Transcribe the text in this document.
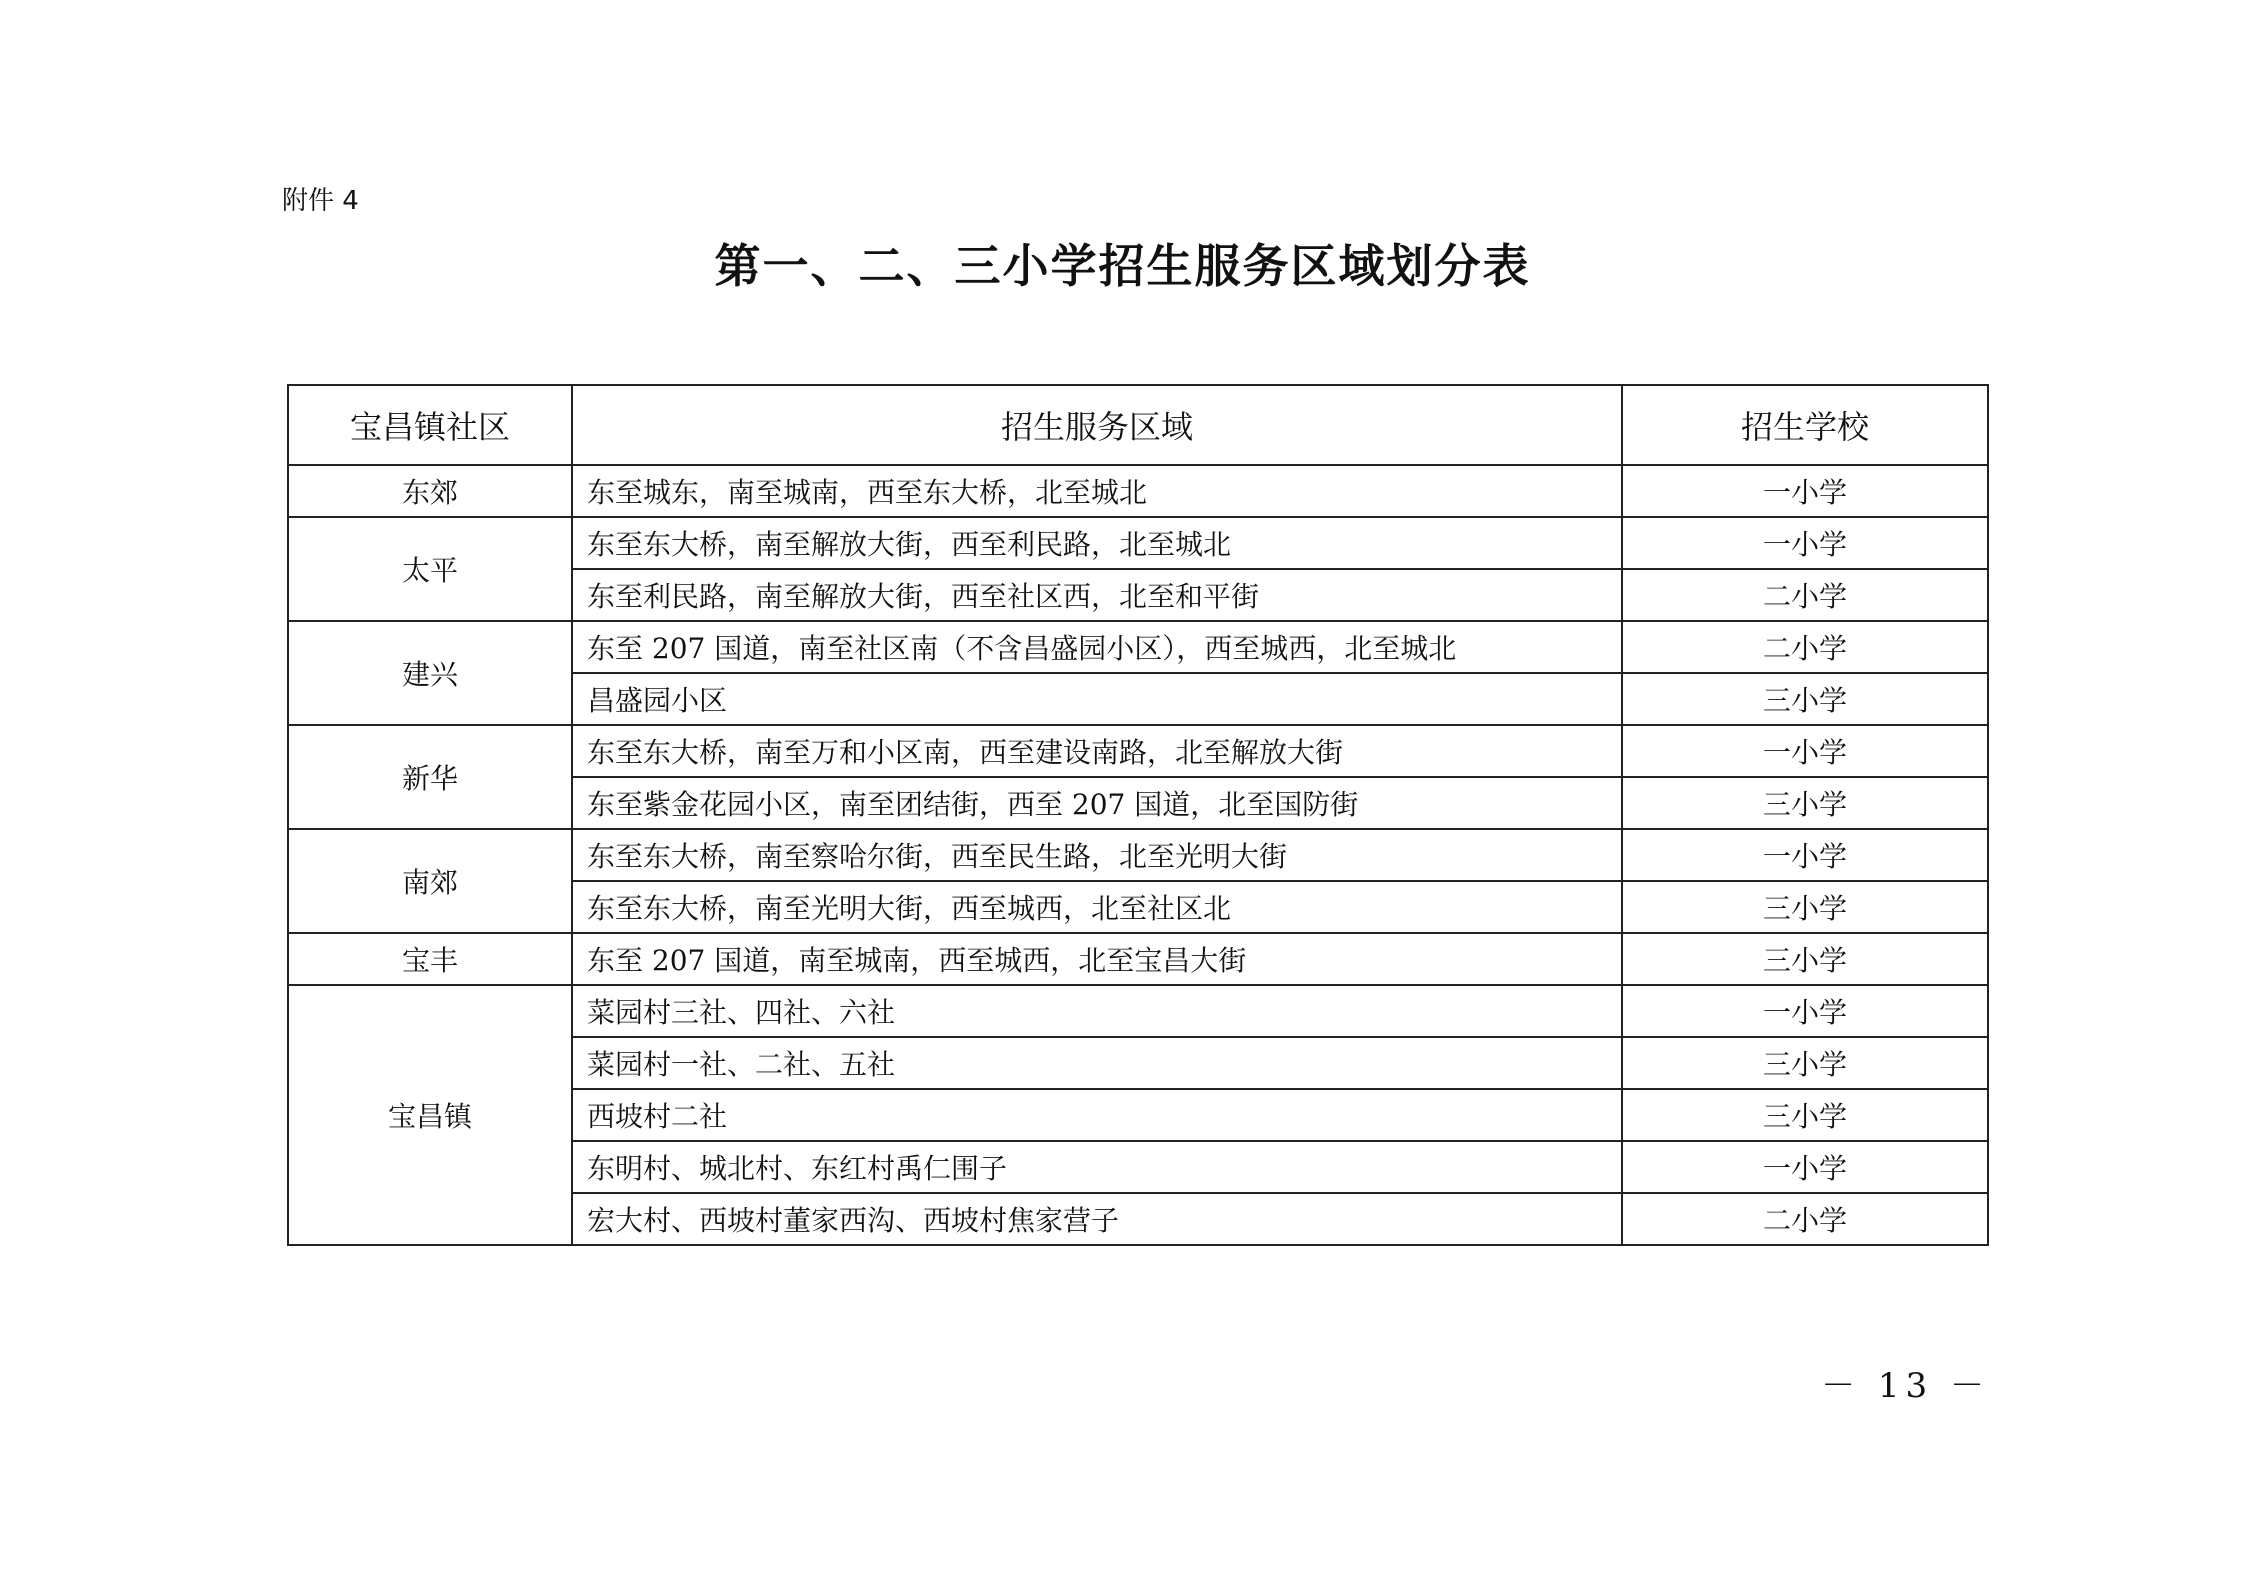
附件 4
第一、二、三小学招生服务区域划分表
宝昌镇社区	招生服务区域	招生学校
东郊	东至城东，南至城南，西至东大桥，北至城北	一小学
太平	东至东大桥，南至解放大街，西至利民路，北至城北	一小学
	东至利民路，南至解放大街，西至社区西，北至和平街	二小学
建兴	东至 207 国道，南至社区南（不含昌盛园小区），西至城西，北至城北	二小学
	昌盛园小区	三小学
新华	东至东大桥，南至万和小区南，西至建设南路，北至解放大街	一小学
	东至紫金花园小区，南至团结街，西至 207 国道，北至国防街	三小学
南郊	东至东大桥，南至察哈尔街，西至民生路，北至光明大街	一小学
	东至东大桥，南至光明大街，西至城西，北至社区北	三小学
宝丰	东至 207 国道，南至城南，西至城西，北至宝昌大街	三小学
宝昌镇	菜园村三社、四社、六社	一小学
	菜园村一社、二社、五社	三小学
	西坡村二社	三小学
	东明村、城北村、东红村禹仁围子	一小学
	宏大村、西坡村董家西沟、西坡村焦家营子	二小学
－ 13 －
